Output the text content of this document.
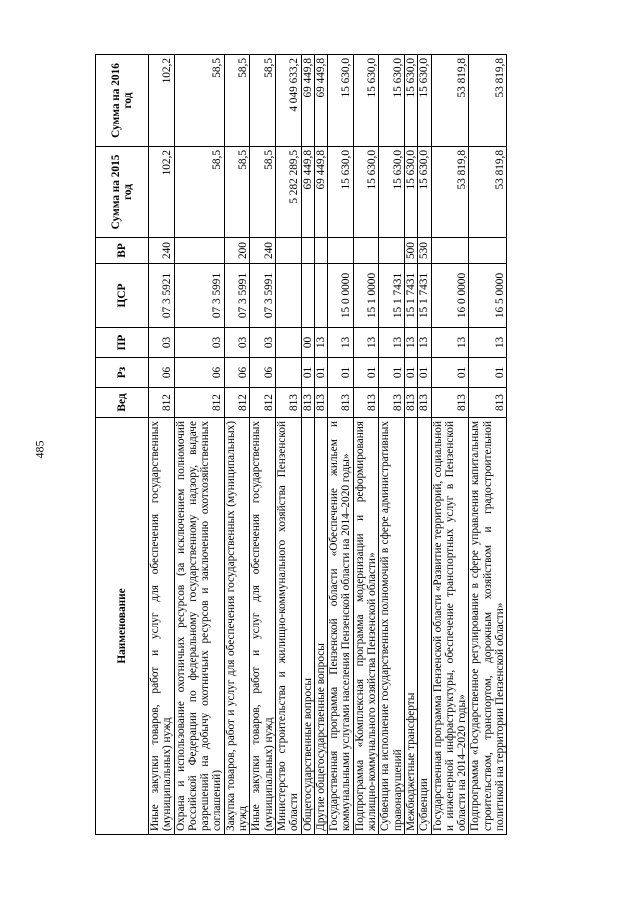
485
Наименование	Вед	Рз	ПР	ЦСР	ВР	Сумма на 2015 год	Сумма на 2016 год
Иные закупки товаров, работ и услуг для обеспечения государственных (муниципальных) нужд	812	06	03	07 3 5921	240	102,2	102,2
Охрана и использование охотничьих ресурсов (за исключением полномочий Российской Федерации по федеральному государственному надзору, выдаче разрешений на добычу охотничьих ресурсов и заключению охотхозяйственных соглашений)	812	06	03	07 3 5991		58,5	58,5
Закупка товаров, работ и услуг для обеспечения государственных (муниципальных) нужд	812	06	03	07 3 5991	200	58,5	58,5
Иные закупки товаров, работ и услуг для обеспечения государственных (муниципальных) нужд	812	06	03	07 3 5991	240	58,5	58,5
Министерство строительства и жилищно-коммунального хозяйства Пензенской области	813					5 282 289,5	4 049 633,2
Общегосударственные вопросы	813	01	00			69 449,8	69 449,8
Другие общегосударственные вопросы	813	01	13			69 449,8	69 449,8
Государственная программа Пензенской области «Обеспечение жильем и коммунальными услугами населения Пензенской области на 2014–2020 годы»	813	01	13	15 0 0000		15 630,0	15 630,0
Подпрограмма «Комплексная программа модернизации и реформирования жилищно-коммунального хозяйства Пензенской области»	813	01	13	15 1 0000		15 630,0	15 630,0
Субвенции на исполнение государственных полномочий в сфере административных правонарушений	813	01	13	15 1 7431		15 630,0	15 630,0
Межбюджетные трансферты	813	01	13	15 1 7431	500	15 630,0	15 630,0
Субвенции	813	01	13	15 1 7431	530	15 630,0	15 630,0
Государственная программа Пензенской области «Развитие территорий, социальной и инженерной инфраструктуры, обеспечение транспортных услуг в Пензенской области на 2014–2020 годы»	813	01	13	16 0 0000		53 819,8	53 819,8
Подпрограмма «Государственное регулирование в сфере управления капитальным строительством, транспортом, дорожным хозяйством и градостроительной политикой на территории Пензенской области»	813	01	13	16 5 0000		53 819,8	53 819,8
